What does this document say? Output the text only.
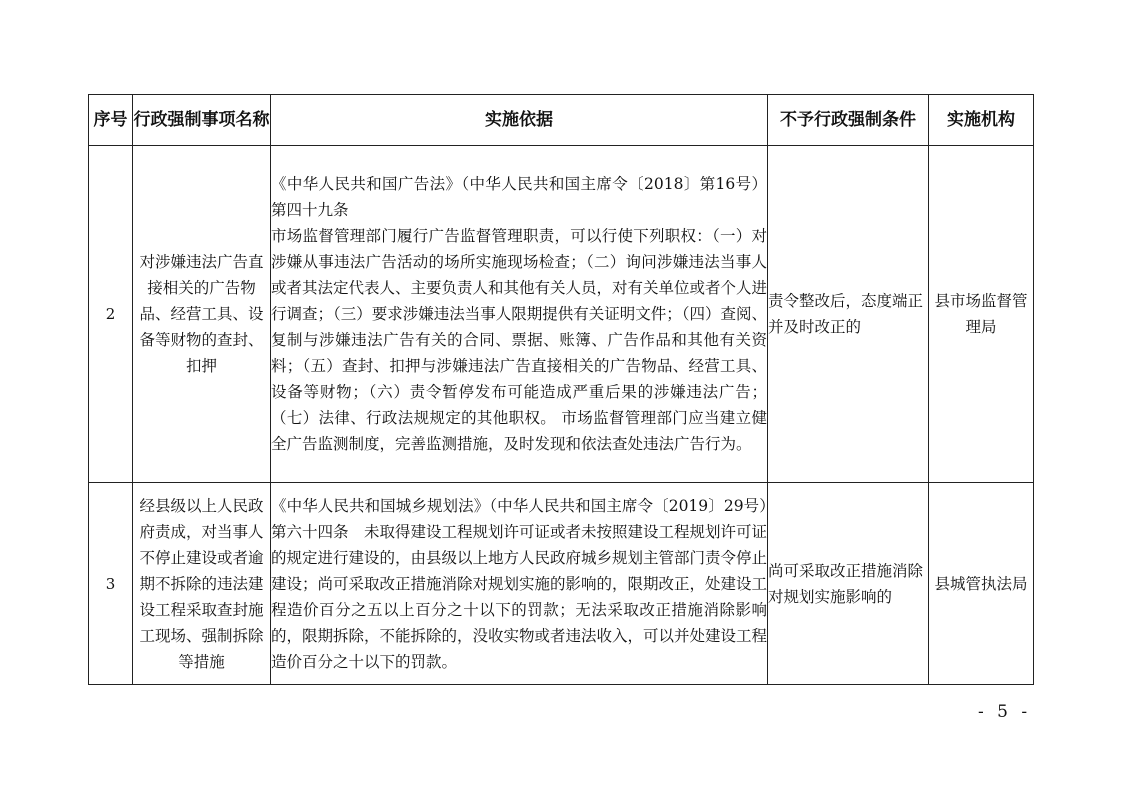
序号	行政强制事项名称	实施依据	不予行政强制条件	实施机构
2	对涉嫌违法广告直接相关的广告物品、经营工具、设备等财物的查封、扣押	《中华人民共和国广告法》（中华人民共和国主席令〔2018〕第16号）第四十九条
市场监督管理部门履行广告监督管理职责，可以行使下列职权：（一）对涉嫌从事违法广告活动的场所实施现场检查；（二）询问涉嫌违法当事人或者其法定代表人、主要负责人和其他有关人员，对有关单位或者个人进行调查；（三）要求涉嫌违法当事人限期提供有关证明文件；（四）查阅、复制与涉嫌违法广告有关的合同、票据、账簿、广告作品和其他有关资料；（五）查封、扣押与涉嫌违法广告直接相关的广告物品、经营工具、设备等财物；（六）责令暂停发布可能造成严重后果的涉嫌违法广告；（七）法律、行政法规规定的其他职权。 市场监督管理部门应当建立健全广告监测制度，完善监测措施，及时发现和依法查处违法广告行为。	责令整改后，态度端正并及时改正的	县市场监督管理局
3	经县级以上人民政府责成，对当事人不停止建设或者逾期不拆除的违法建设工程采取查封施工现场、强制拆除等措施	《中华人民共和国城乡规划法》（中华人民共和国主席令〔2019〕29号）第六十四条　未取得建设工程规划许可证或者未按照建设工程规划许可证的规定进行建设的，由县级以上地方人民政府城乡规划主管部门责令停止建设；尚可采取改正措施消除对规划实施的影响的，限期改正，处建设工程造价百分之五以上百分之十以下的罚款；无法采取改正措施消除影响的，限期拆除，不能拆除的，没收实物或者违法收入，可以并处建设工程造价百分之十以下的罚款。	尚可采取改正措施消除对规划实施影响的	县城管执法局
- 5 -
